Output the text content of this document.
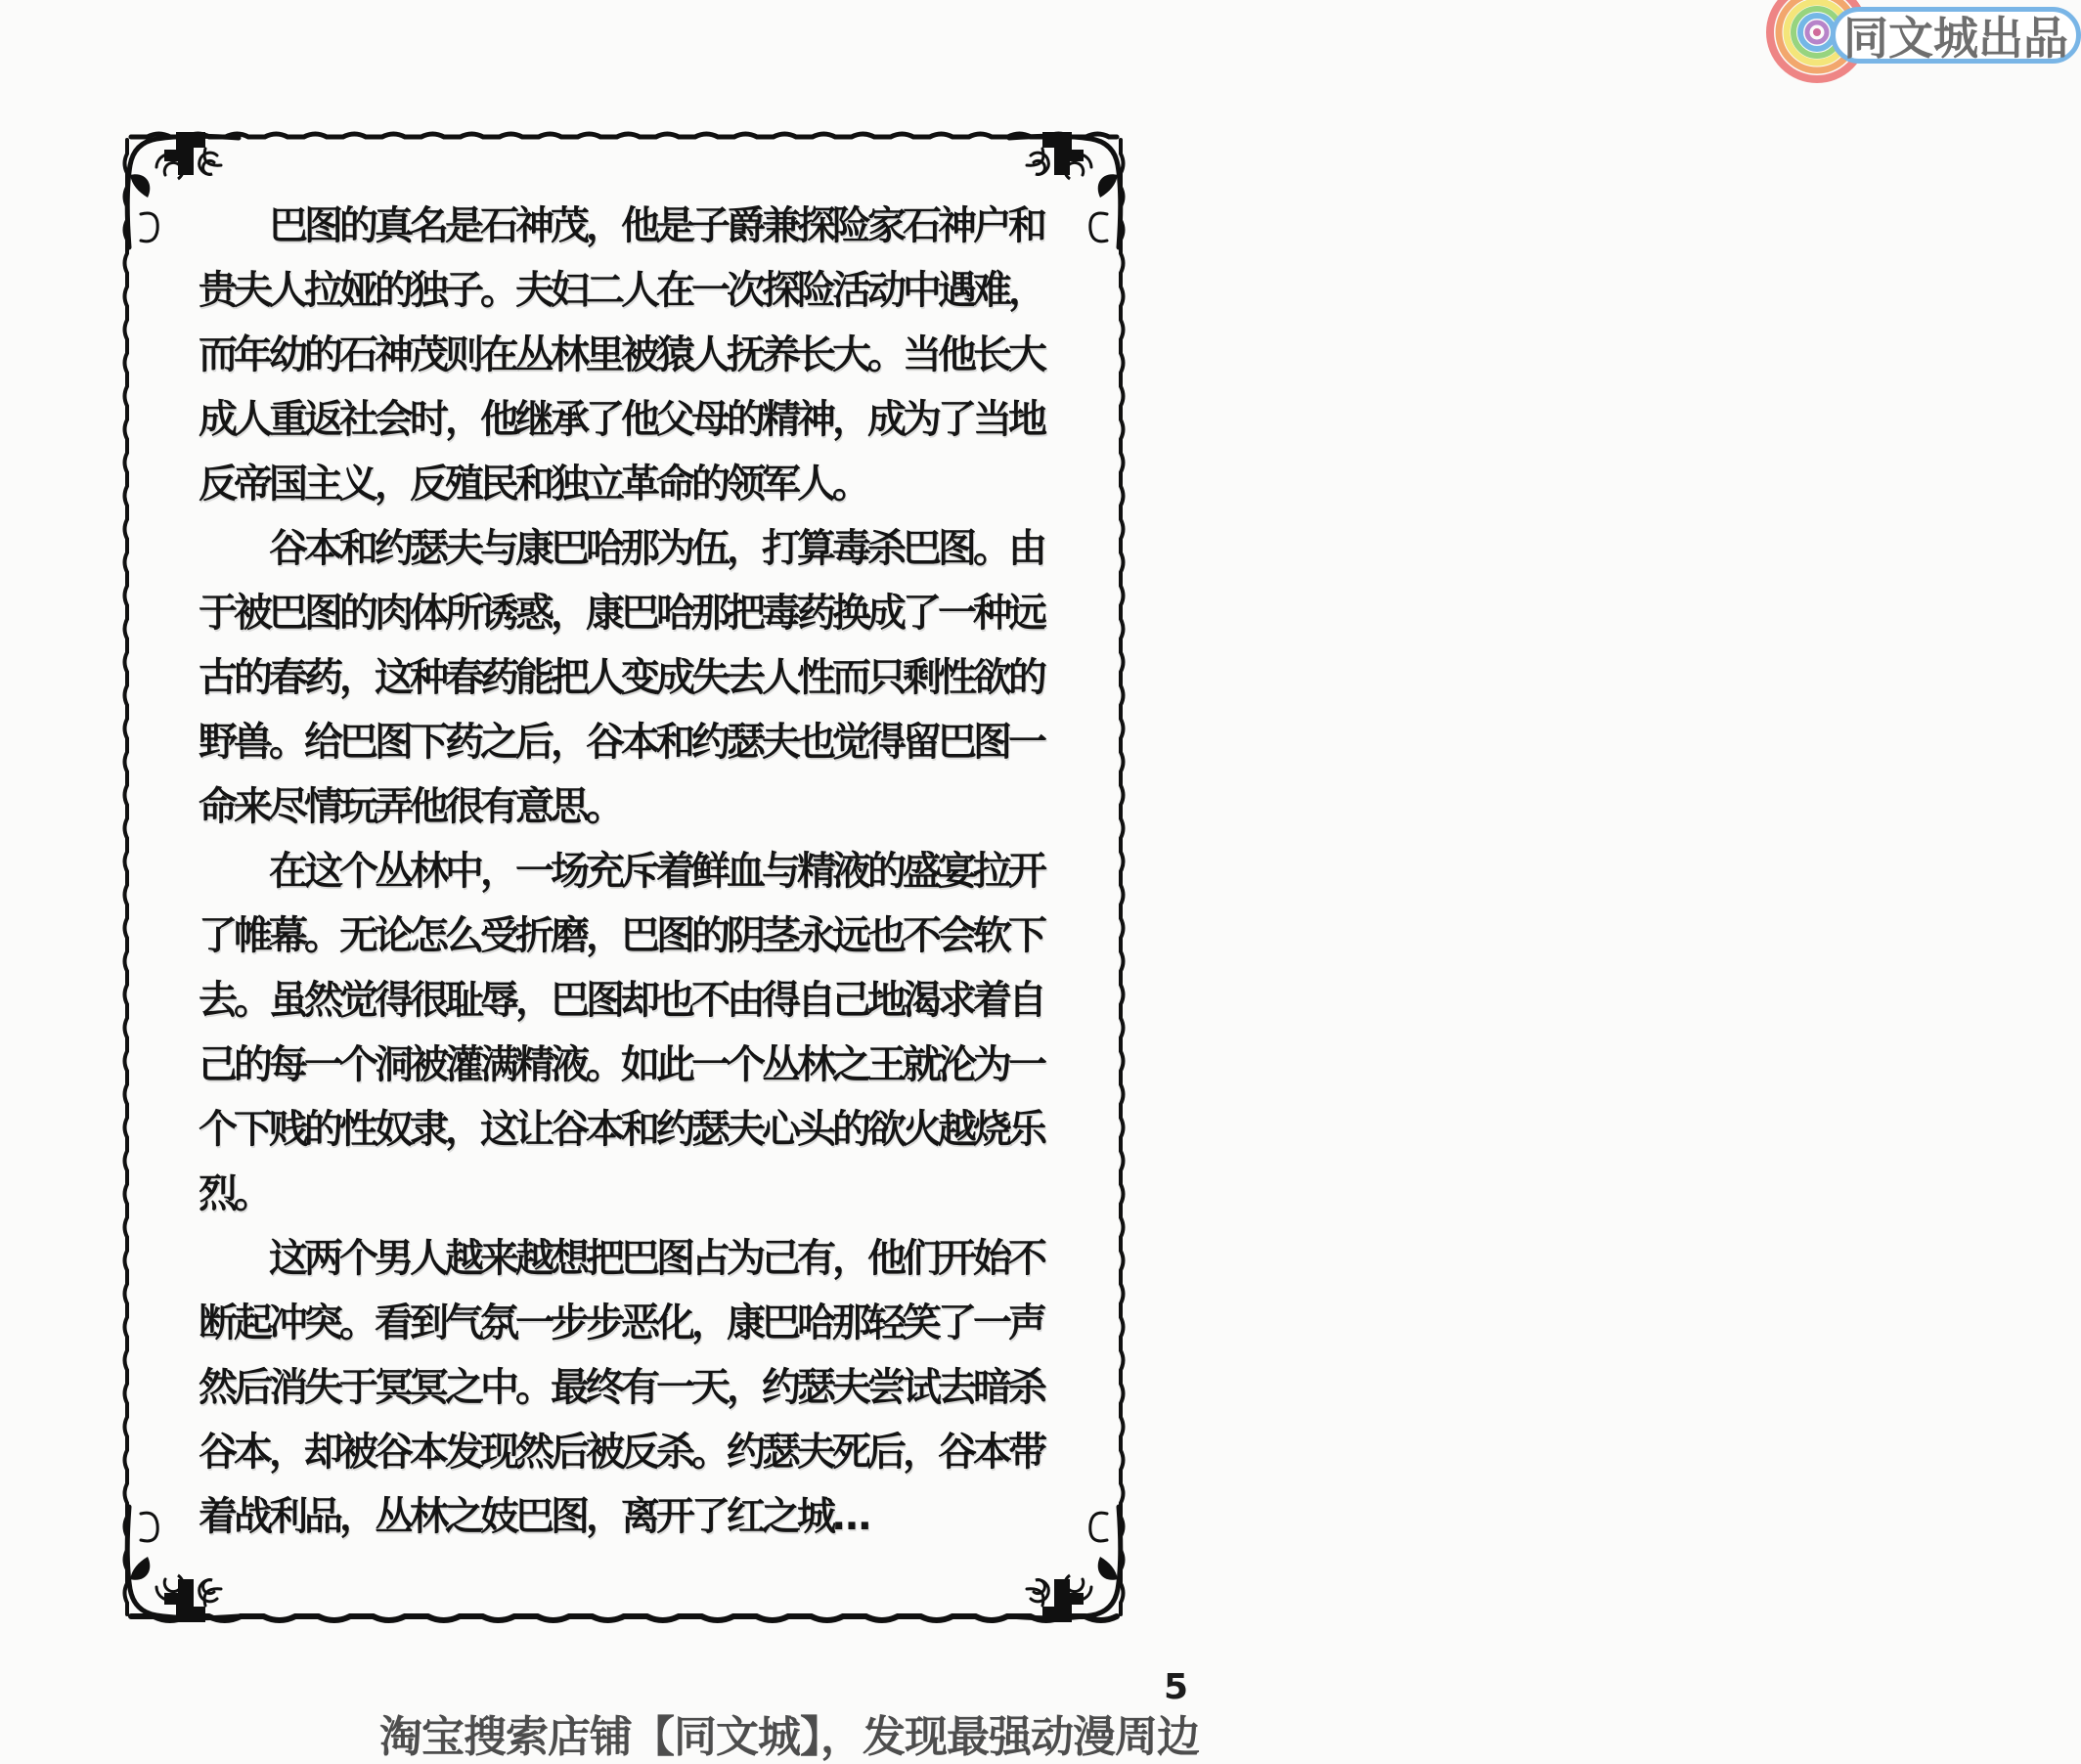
同文城出品
　　巴图的真名是石神茂，他是子爵兼探险家石神户和
贵夫人拉娅的独子。夫妇二人在一次探险活动中遇难，
而年幼的石神茂则在丛林里被猿人抚养长大。当他长大
成人重返社会时，他继承了他父母的精神，成为了当地
反帝国主义，反殖民和独立革命的领军人。
　　谷本和约瑟夫与康巴哈那为伍，打算毒杀巴图。由
于被巴图的肉体所诱惑，康巴哈那把毒药换成了一种远
古的春药，这种春药能把人变成失去人性而只剩性欲的
野兽。给巴图下药之后，谷本和约瑟夫也觉得留巴图一
命来尽情玩弄他很有意思。
　　在这个丛林中，一场充斥着鲜血与精液的盛宴拉开
了帷幕。无论怎么受折磨，巴图的阴茎永远也不会软下
去。虽然觉得很耻辱，巴图却也不由得自己地渴求着自
己的每一个洞被灌满精液。如此一个丛林之王就沦为一
个下贱的性奴隶，这让谷本和约瑟夫心头的欲火越烧乐
烈。
　　这两个男人越来越想把巴图占为己有，他们开始不
断起冲突。看到气氛一步步恶化，康巴哈那轻笑了一声
然后消失于冥冥之中。最终有一天，约瑟夫尝试去暗杀
谷本，却被谷本发现然后被反杀。约瑟夫死后，谷本带
着战利品，丛林之妓巴图，离开了红之城…
5
淘宝搜索店铺【同文城】，发现最强动漫周边
